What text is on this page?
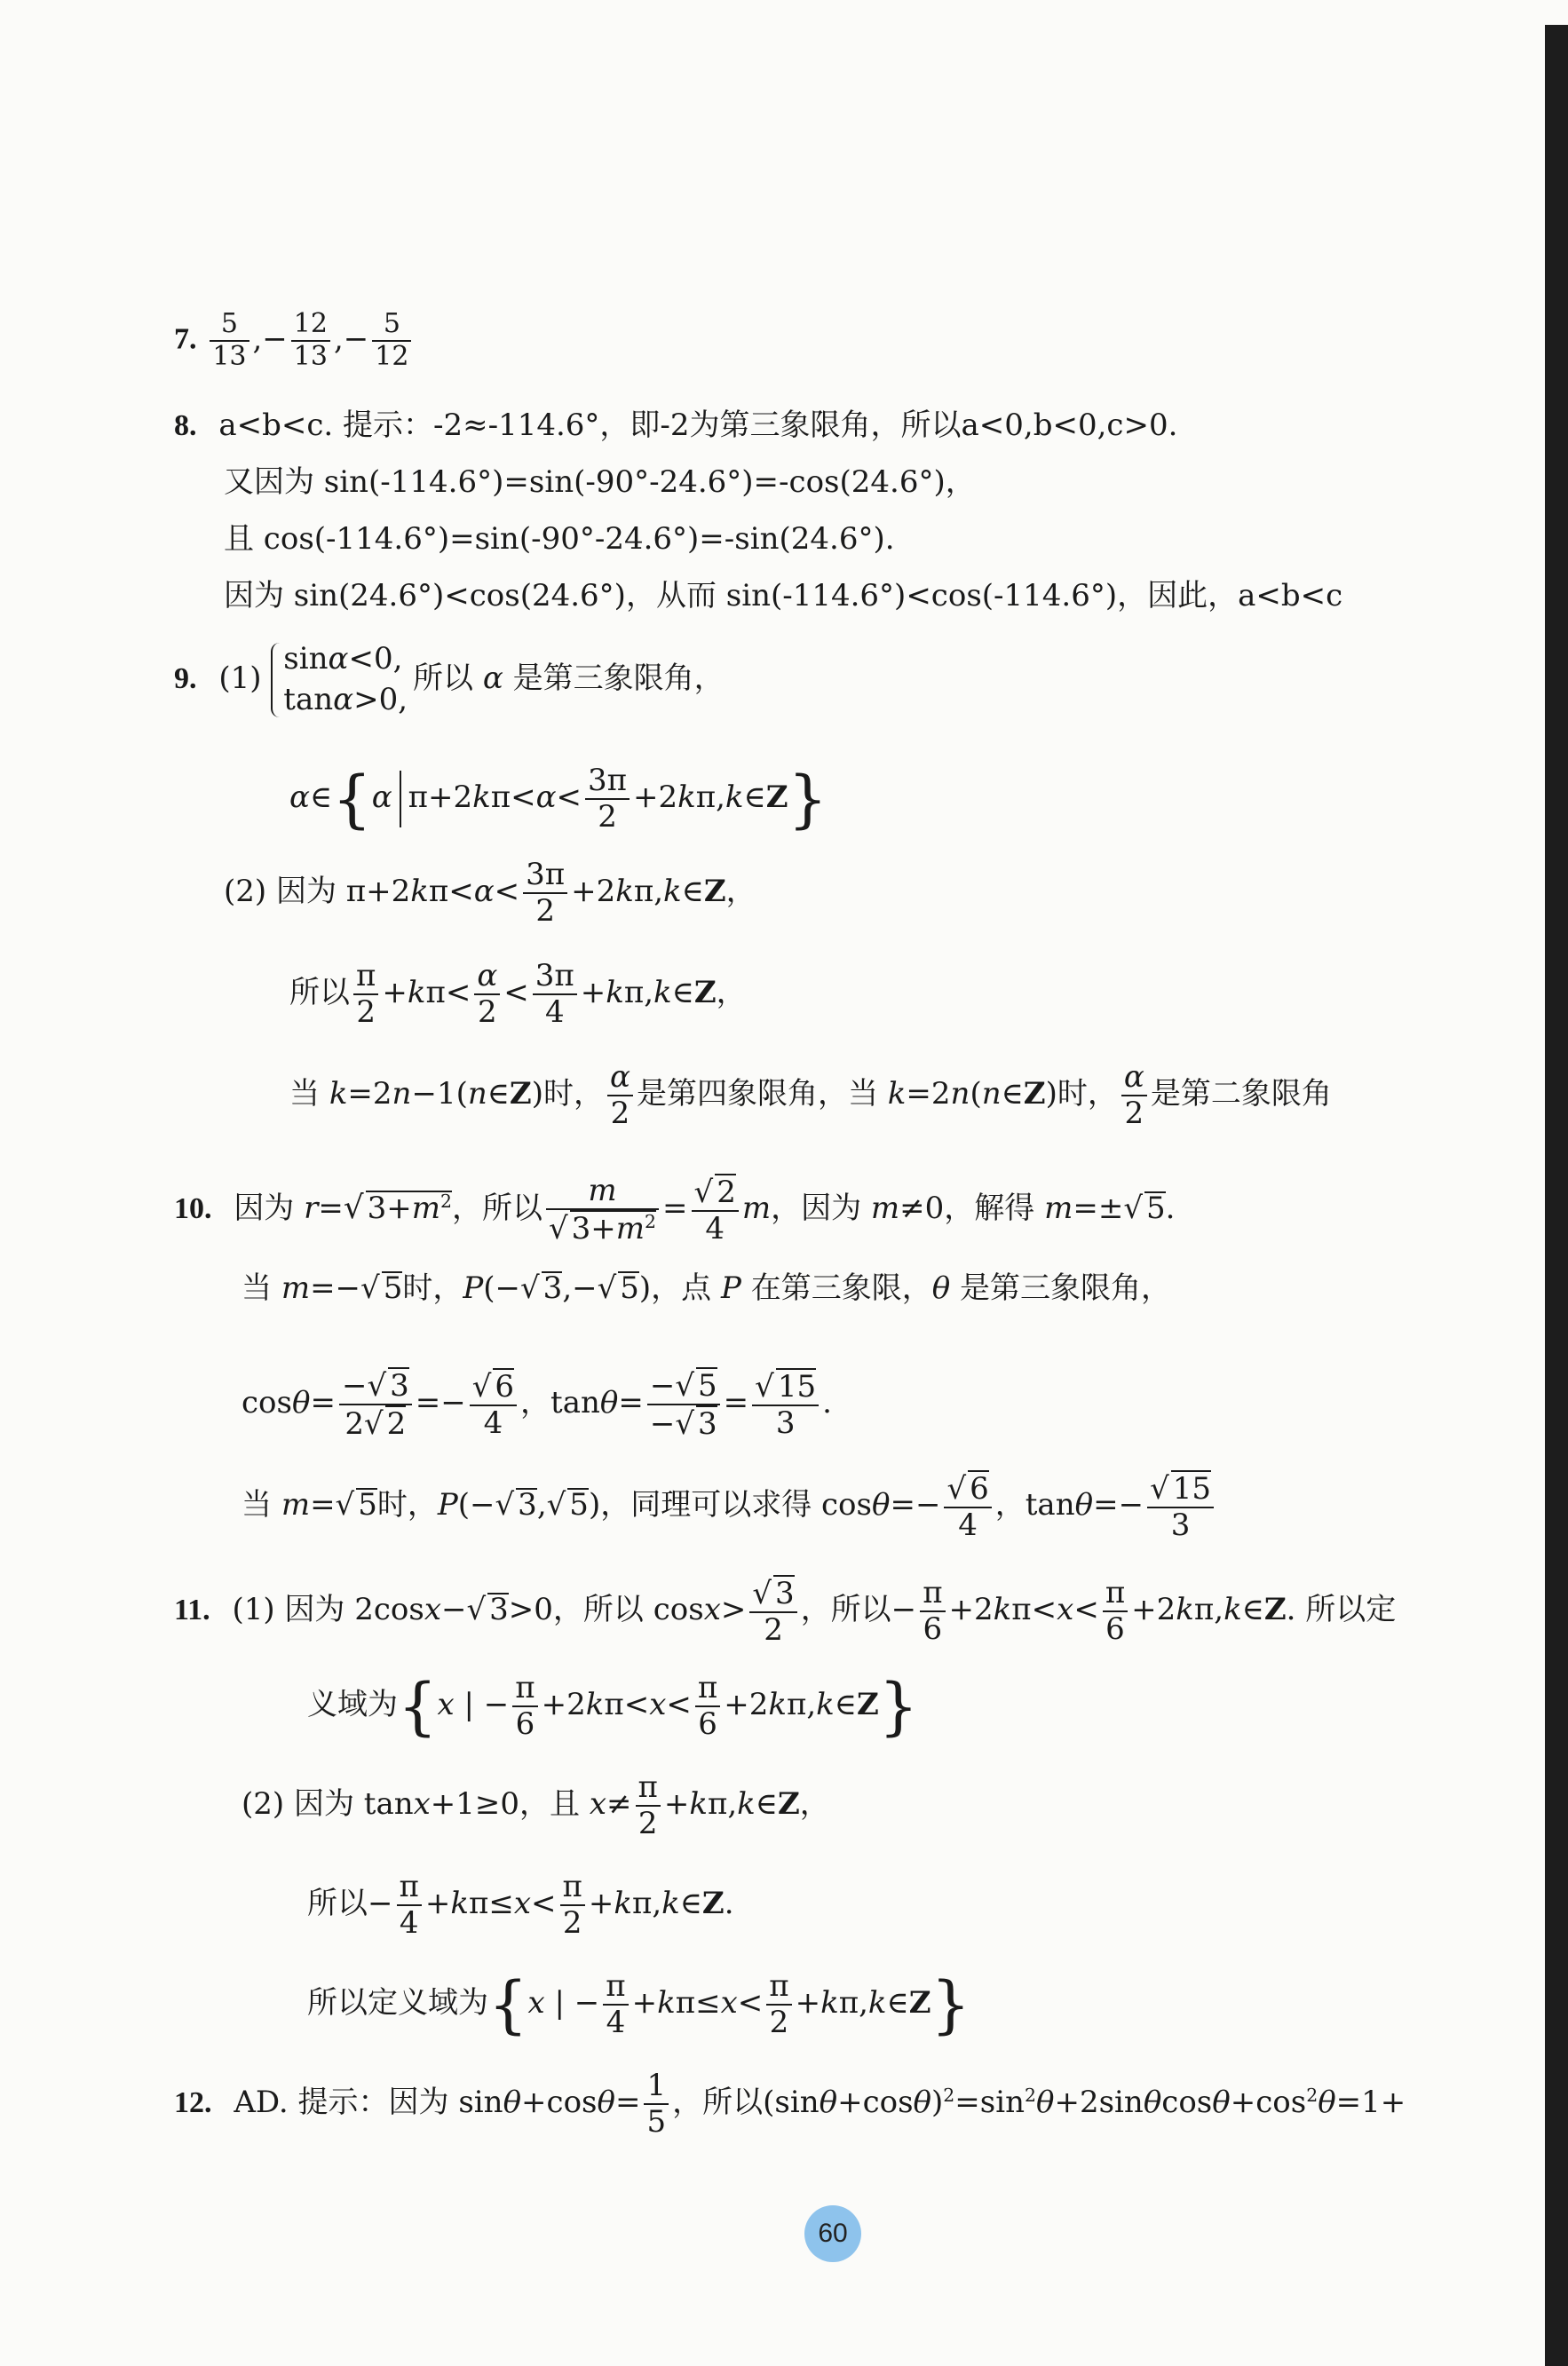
7. $\frac{5}{13}$ ,− $\frac{12}{13}$ ,− $\frac{5}{12}$
8. a<b<c. 提示：-2≈-114.6°，即-2为第三象限角，所以a<0,b<0,c>0.
又因为 sin(-114.6°)=sin(-90°-24.6°)=-cos(24.6°)，
且 cos(-114.6°)=sin(-90°-24.6°)=-sin(24.6°).
因为 sin(24.6°)<cos(24.6°)，从而 sin(-114.6°)<cos(-114.6°)，因此，a<b<c
9. (1)
sinα<0,
tanα>0,
所以 α 是第三象限角，
α∈{α $\pi+2k\pi<\alpha< \frac{3\pi}{2}$ +2kπ,k∈Z}
(2) 因为 $\pi+2k\pi<\alpha< \frac{3\pi}{2}$ +2kπ,k∈Z，
所以 $\frac{\pi}{2} +k\pi< \frac{\alpha}{2} < \frac{3\pi}{4}$ +kπ,k∈Z，
当 k=2n−1(n∈Z)时， $\frac{\alpha}{2}$ 是第四象限角，当 k=2n(n∈Z)时， $\frac{\alpha}{2}$ 是第二象限角
10. 因为 r=√ $3+m^2$，所以 $\frac{m}{√ 3+m^2} = \frac{√ 2}{4}$ m，因为 m≠0，解得 m=±√ 5.
当 m=−√ 5时，P(−√ 3,−√ 5)，点 P 在第三象限，θ 是第三象限角，
$\cos\theta= \frac{-√ 3}{2√ 2} =- \frac{√ 6}{4}$ ，$\tan\theta= \frac{-√ 5}{-√ 3} = \frac{√ 15}{3}$ .
当 m=√ 5时，P(−√ 3,√ 5)，同理可以求得 $\cos\theta=- \frac{√ 6}{4}$ ，$\tan\theta=- \frac{√ 15}{3}$
11. (1) 因为 2cosx−√ 3>0，所以 $\cos x> \frac{√ 3}{2}$ ，所以− $\frac{\pi}{6} +2k\pi<x< \frac{\pi}{6}$ +2kπ,k∈Z. 所以定
义域为{x | − $\frac{\pi}{6} +2k\pi<x< \frac{\pi}{6}$ +2kπ,k∈Z}
(2) 因为 tanx+1≥0，且 $x\ne \frac{\pi}{2}$ +kπ,k∈Z，
所以− $\frac{\pi}{4} +k\pi\le x< \frac{\pi}{2}$ +kπ,k∈Z.
所以定义域为{x | − $\frac{\pi}{4} +k\pi\le x< \frac{\pi}{2}$ +kπ,k∈Z}
12. AD. 提示：因为 $\sin\theta+\cos\theta= \frac{1}{5}$ ，所以$(\sin\theta+\cos\theta)^2=\sin^2\theta+2\sin\theta\cos\theta+\cos^2\theta=1+$
60
